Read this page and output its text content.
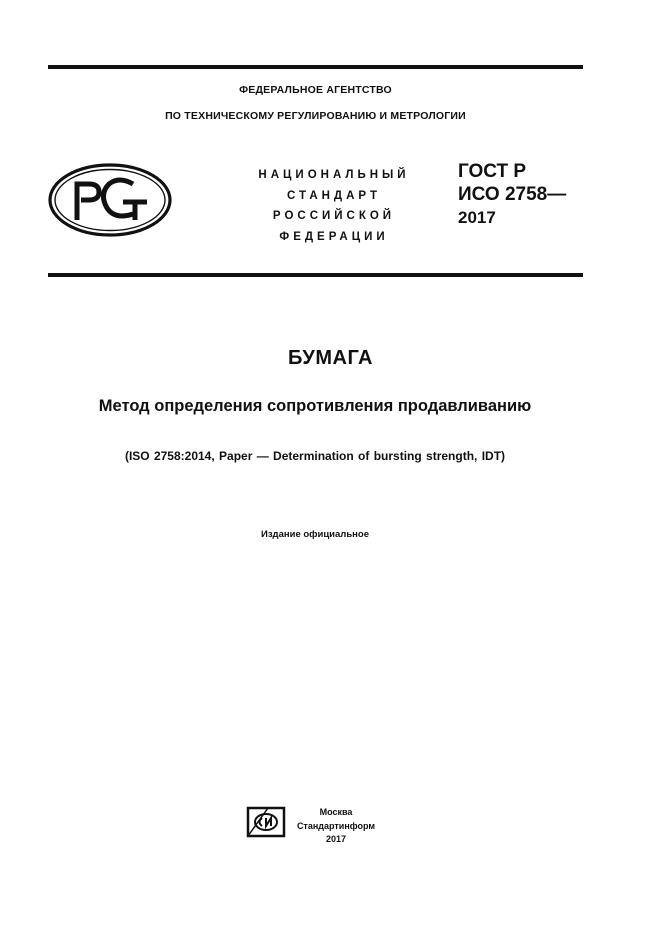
ФЕДЕРАЛЬНОЕ АГЕНТСТВО
ПО ТЕХНИЧЕСКОМУ РЕГУЛИРОВАНИЮ И МЕТРОЛОГИИ
НАЦИОНАЛЬНЫЙ
СТАНДАРТ
РОССИЙСКОЙ
ФЕДЕРАЦИИ
ГОСТ Р
ИСО 2758—
2017
БУМАГА
Метод определения сопротивления продавливанию
(ISO 2758:2014, Paper — Determination of bursting strength, IDT)
Издание официальное
Москва
Стандартинформ
2017
